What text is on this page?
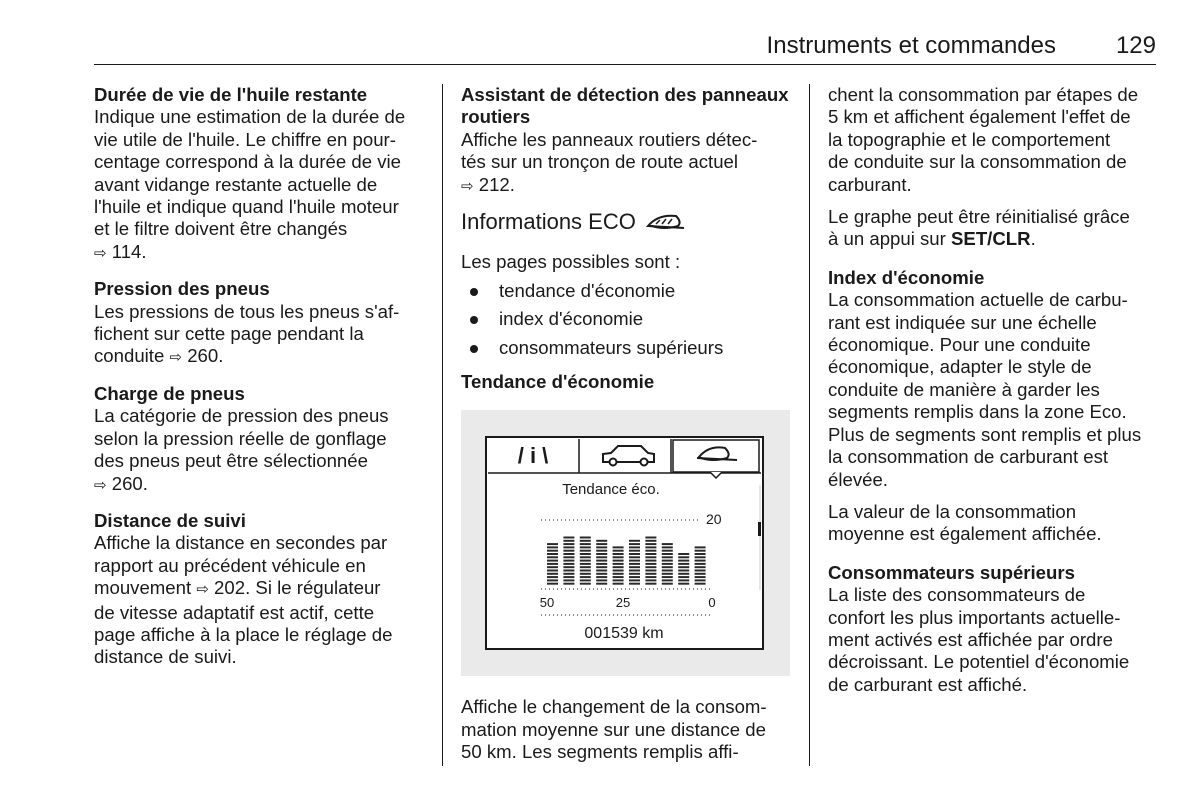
Instruments et commandes 129
Durée de vie de l'huile restante
Indique une estimation de la durée de
vie utile de l'huile. Le chiffre en pour-
centage correspond à la durée de vie
avant vidange restante actuelle de
l'huile et indique quand l'huile moteur
et le filtre doivent être changés
⇨ 114.
Pression des pneus
Les pressions de tous les pneus s'af-
fichent sur cette page pendant la
conduite ⇨ 260.
Charge de pneus
La catégorie de pression des pneus
selon la pression réelle de gonflage
des pneus peut être sélectionnée
⇨ 260.
Distance de suivi
Affiche la distance en secondes par
rapport au précédent véhicule en
mouvement ⇨ 202. Si le régulateur
de vitesse adaptatif est actif, cette
page affiche à la place le réglage de
distance de suivi.
Assistant de détection des panneaux
routiers
Affiche les panneaux routiers détec-
tés sur un tronçon de route actuel
⇨ 212.
Informations ECO
Les pages possibles sont :
tendance d'économie
index d'économie
consommateurs supérieurs
Tendance d'économie
/ i \
Tendance éco.
20
50	25	0
001539 km
Affiche le changement de la consom-
mation moyenne sur une distance de
50 km. Les segments remplis affi-
chent la consommation par étapes de
5 km et affichent également l'effet de
la topographie et le comportement
de conduite sur la consommation de
carburant.
Le graphe peut être réinitialisé grâce
à un appui sur SET/CLR.
Index d'économie
La consommation actuelle de carbu-
rant est indiquée sur une échelle
économique. Pour une conduite
économique, adapter le style de
conduite de manière à garder les
segments remplis dans la zone Eco.
Plus de segments sont remplis et plus
la consommation de carburant est
élevée.
La valeur de la consommation
moyenne est également affichée.
Consommateurs supérieurs
La liste des consommateurs de
confort les plus importants actuelle-
ment activés est affichée par ordre
décroissant. Le potentiel d'économie
de carburant est affiché.
